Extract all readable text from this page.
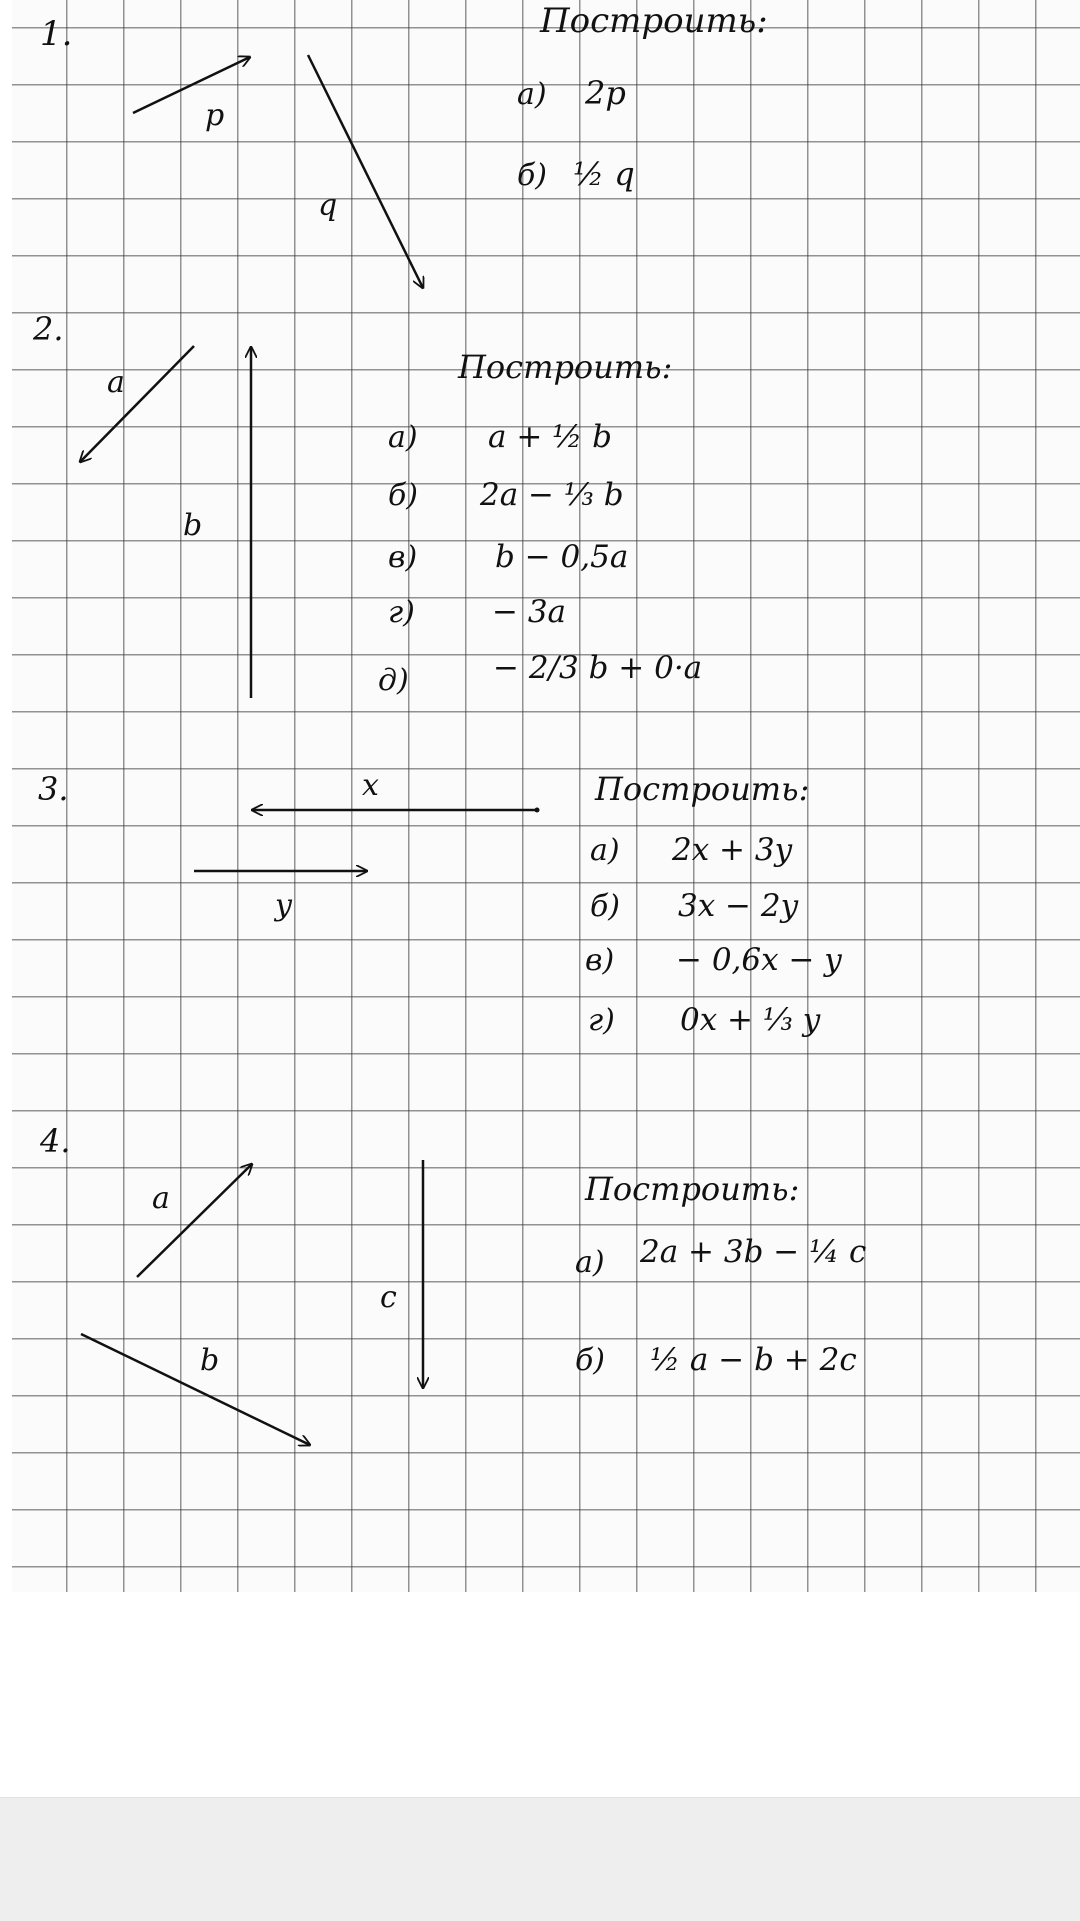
1.
p
q
Построить:
а) 2p
б) ½ q
2.
a
b
Построить:
а) a + ½ b
б) 2a − ⅓ b
в)	b − 0,5a
г) − 3a
д)	− 2/3 b + 0·a
3.	x
y
Построить:
а) 2x + 3y
б) 3x − 2y
в) − 0,6x − y
г) 0x + ⅓ y
4.
a
c
b
Построить:
а) 2a + 3b − ¼ c
б) ½ a − b + 2c
